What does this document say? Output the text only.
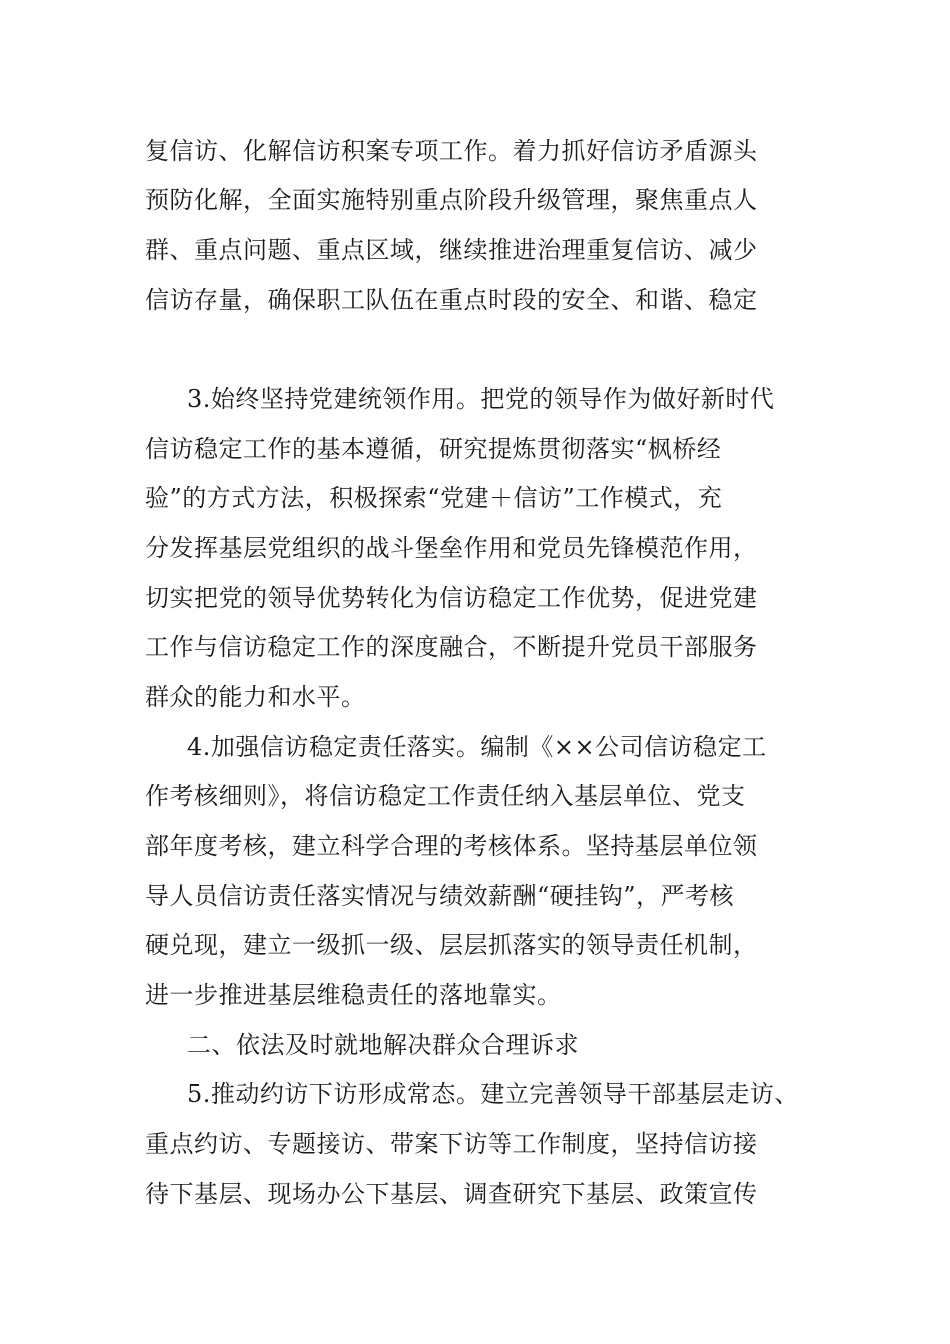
复信访、化解信访积案专项工作。着力抓好信访矛盾源头

预防化解，全面实施特别重点阶段升级管理，聚焦重点人

群、重点问题、重点区域，继续推进治理重复信访、减少

信访存量，确保职工队伍在重点时段的安全、和谐、稳定

3.始终坚持党建统领作用。把党的领导作为做好新时代

信访稳定工作的基本遵循，研究提炼贯彻落实“枫桥经

验”的方式方法，积极探索“党建＋信访”工作模式，充

分发挥基层党组织的战斗堡垒作用和党员先锋模范作用，

切实把党的领导优势转化为信访稳定工作优势，促进党建

工作与信访稳定工作的深度融合，不断提升党员干部服务

群众的能力和水平。

4.加强信访稳定责任落实。编制《××公司信访稳定工

作考核细则》，将信访稳定工作责任纳入基层单位、党支

部年度考核，建立科学合理的考核体系。坚持基层单位领

导人员信访责任落实情况与绩效薪酬“硬挂钩”，严考核

硬兑现，建立一级抓一级、层层抓落实的领导责任机制，

进一步推进基层维稳责任的落地靠实。

二、依法及时就地解决群众合理诉求

5.推动约访下访形成常态。建立完善领导干部基层走访、

重点约访、专题接访、带案下访等工作制度，坚持信访接

待下基层、现场办公下基层、调查研究下基层、政策宣传
